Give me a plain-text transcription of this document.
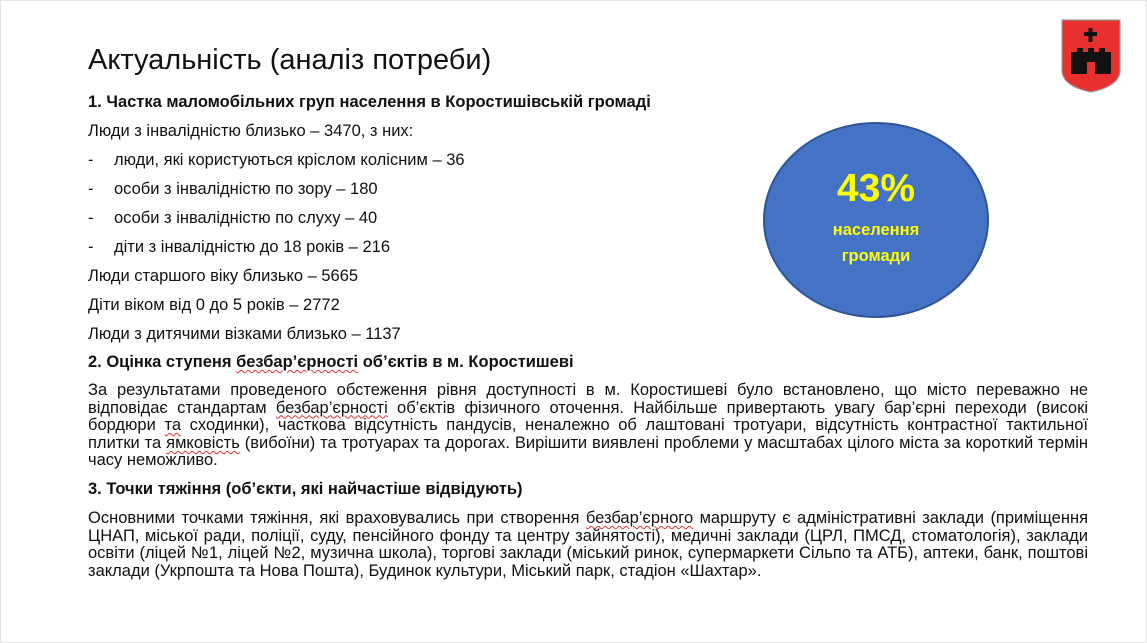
Актуальність (аналіз потреби)
1. Частка маломобільних груп населення в Коростишівській громаді
Люди з інвалідністю близько – 3470, з них:
- люди, які користуються кріслом колісним – 36
- особи з інвалідністю по зору – 180
- особи з інвалідністю по слуху – 40
- діти з інвалідністю до 18 років – 216
Люди старшого віку близько – 5665
Діти віком від 0 до 5 років – 2772
Люди з дитячими візками близько – 1137
2. Оцінка ступеня безбар’єрності об’єктів в м. Коростишеві
За результатами проведеного обстеження рівня доступності в м. Коростишеві було встановлено, що місто переважно не відповідає стандартам безбар’єрності об’єктів фізичного оточення. Найбільше привертають увагу бар’єрні переходи (високі бордюри та сходинки), часткова відсутність пандусів, неналежно об лаштовані тротуари, відсутність контрастної тактильної плитки та ямковість (вибоїни) та тротуарах та дорогах. Вирішити виявлені проблеми у масштабах цілого міста за короткий термін часу неможливо.
3. Точки тяжіння (об’єкти, які найчастіше відвідують)
Основними точками тяжіння, які враховувались при створення безбар’єрного маршруту є адміністративні заклади (приміщення ЦНАП, міської ради, поліції, суду, пенсійного фонду та центру зайнятості), медичні заклади (ЦРЛ, ПМСД, стоматологія), заклади освіти (ліцей №1, ліцей №2, музична школа), торгові заклади (міський ринок, супермаркети Сільпо та АТБ), аптеки, банк, поштові заклади (Укрпошта та Нова Пошта), Будинок культури, Міський парк, стадіон «Шахтар».
43%
населення
громади
